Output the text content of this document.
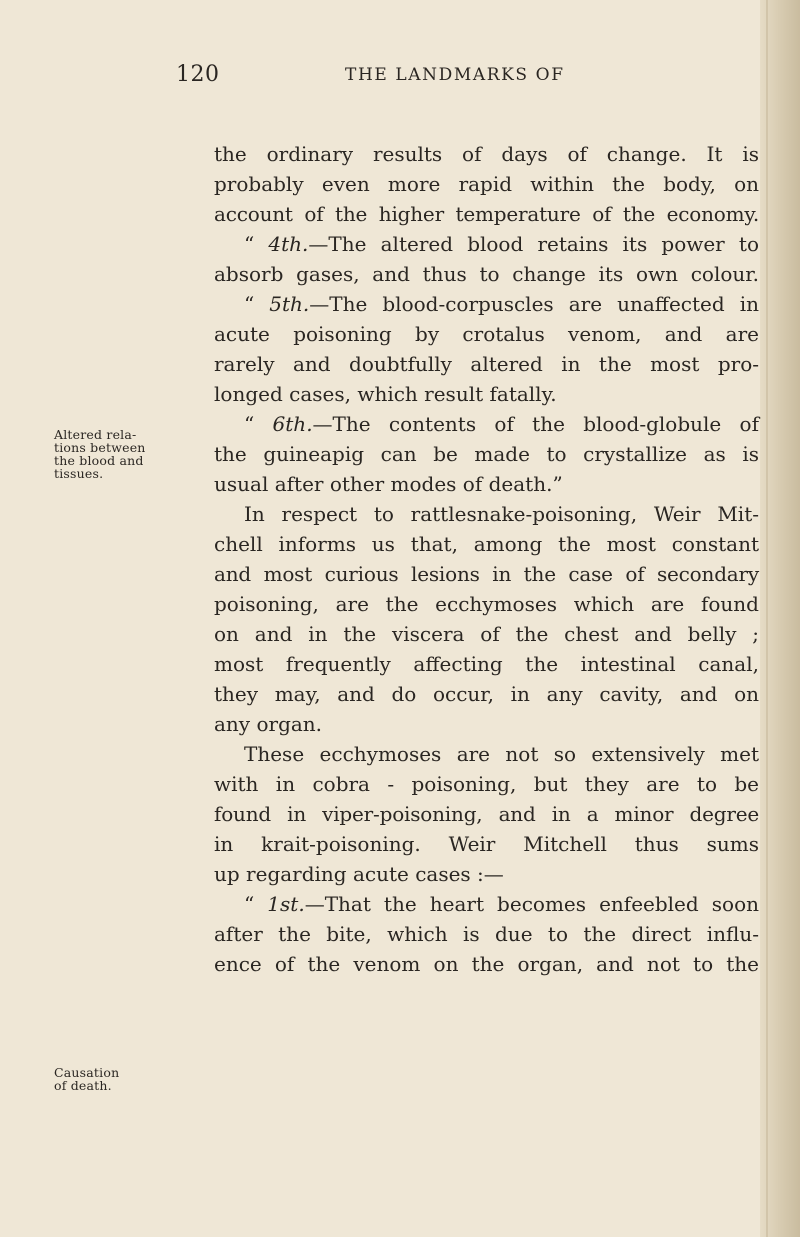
120	THE LANDMARKS OF
Altered rela-
tions between
the blood and
tissues.
Causation
of death.
the ordinary results of days of change. It is
probably even more rapid within the body, on
account of the higher temperature of the economy.
“ 4th.—The altered blood retains its power to
absorb gases, and thus to change its own colour.
“ 5th.—The blood-corpuscles are unaffected in
acute poisoning by crotalus venom, and are
rarely and doubtfully altered in the most pro-
longed cases, which result fatally.
“ 6th.—The contents of the blood-globule of
the guineapig can be made to crystallize as is
usual after other modes of death.”
In respect to rattlesnake-poisoning, Weir Mit-
chell informs us that, among the most constant
and most curious lesions in the case of secondary
poisoning, are the ecchymoses which are found
on and in the viscera of the chest and belly ;
most frequently affecting the intestinal canal,
they may, and do occur, in any cavity, and on
any organ.
These ecchymoses are not so extensively met
with in cobra - poisoning, but they are to be
found in viper-poisoning, and in a minor degree
in krait-poisoning. Weir Mitchell thus sums
up regarding acute cases :—
“ 1st.—That the heart becomes enfeebled soon
after the bite, which is due to the direct influ-
ence of the venom on the organ, and not to the
